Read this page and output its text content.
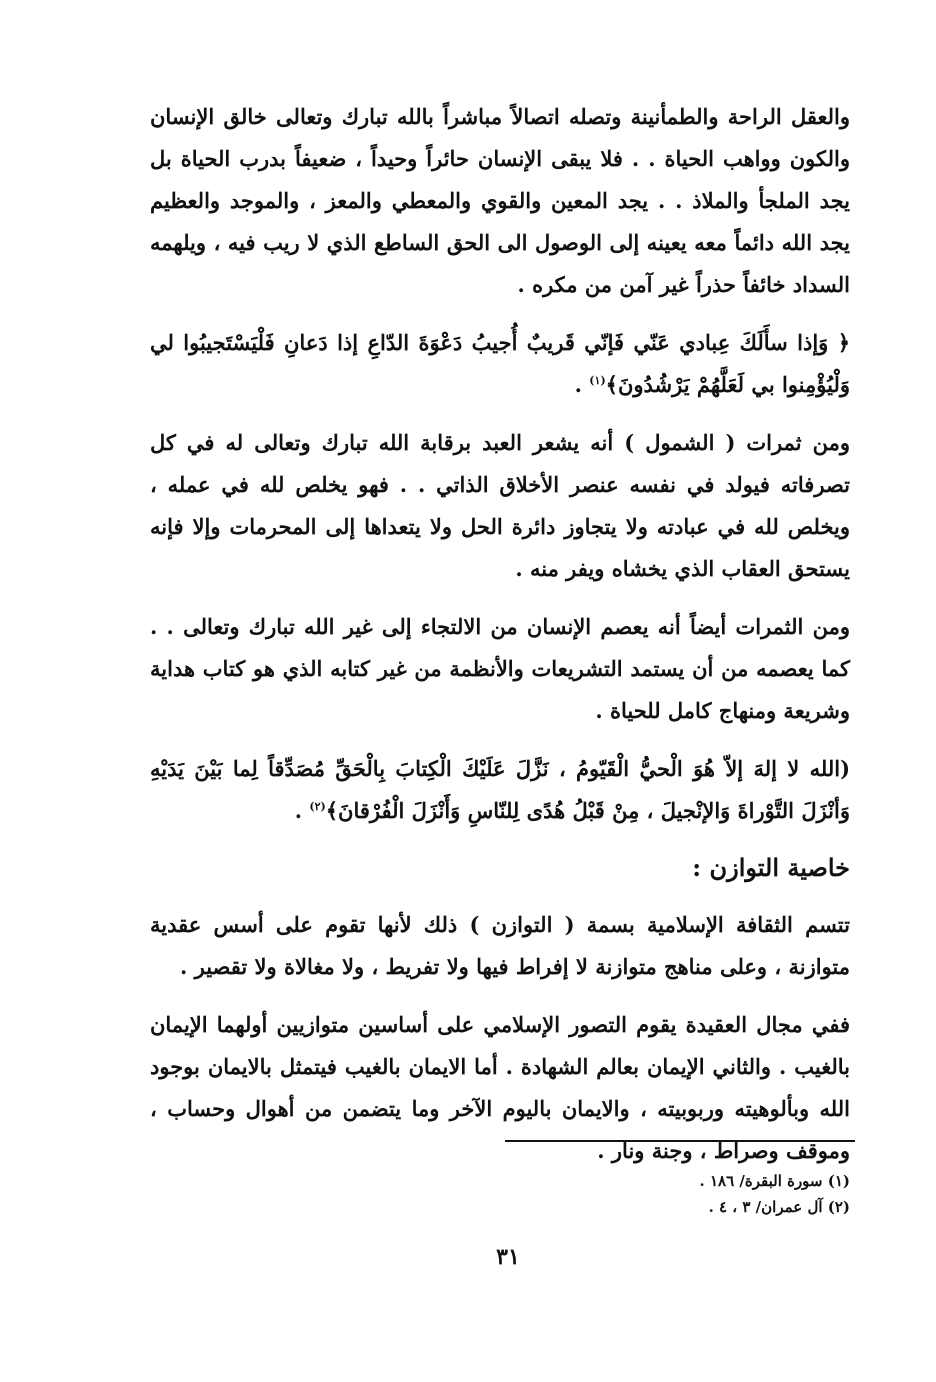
والعقل الراحة والطمأنينة وتصله اتصالاً مباشراً بالله تبارك وتعالى خالق الإنسان والكون وواهب الحياة . . فلا يبقى الإنسان حائراً وحيداً ، ضعيفاً بدرب الحياة بل يجد الملجأ والملاذ . . يجد المعين والقوي والمعطي والمعز ، والموجد والعظيم يجد الله دائماً معه يعينه إلى الوصول الى الحق الساطع الذي لا ريب فيه ، ويلهمه السداد خائفاً حذراً غير آمن من مكره .

﴿ وَإذا سأَلَكَ عِبادي عَنّي فَإنّي قَريبٌ أُجيبُ دَعْوَةَ الدّاعِ إذا دَعانِ فَلْيَسْتَجيبُوا لي وَلْيُؤْمِنوا بي لَعَلَّهُمْ يَرْشُدُونَ﴾$^{(١)}$ .

ومن ثمرات ( الشمول ) أنه يشعر العبد برقابة الله تبارك وتعالى له في كل تصرفاته فيولد في نفسه عنصر الأخلاق الذاتي . . فهو يخلص لله في عمله ، ويخلص لله في عبادته ولا يتجاوز دائرة الحل ولا يتعداها إلى المحرمات وإلا فإنه يستحق العقاب الذي يخشاه ويفر منه .

ومن الثمرات أيضاً أنه يعصم الإنسان من الالتجاء إلى غير الله تبارك وتعالى . . كما يعصمه من أن يستمد التشريعات والأنظمة من غير كتابه الذي هو كتاب هداية وشريعة ومنهاج كامل للحياة .

(الله لا إلهَ إلاّ هُوَ الْحيُّ الْقَيّومُ ، نَزَّلَ عَلَيْكَ الْكِتابَ بِالْحَقِّ مُصَدِّقاً لِما بَيْنَ يَدَيْهِ وَأنْزَلَ التَّوْراةَ وَالإنْجيلَ ، مِنْ قَبْلُ هُدًى لِلنّاسِ وَأَنْزَلَ الْفُرْقانَ﴾$^{(٢)}$ .

خاصية التوازن :

تتسم الثقافة الإسلامية بسمة ( التوازن ) ذلك لأنها تقوم على أسس عقدية متوازنة ، وعلى مناهج متوازنة لا إفراط فيها ولا تفريط ، ولا مغالاة ولا تقصير .

ففي مجال العقيدة يقوم التصور الإسلامي على أساسين متوازيين أولهما الإيمان بالغيب . والثاني الإيمان بعالم الشهادة . أما الايمان بالغيب فيتمثل بالايمان بوجود الله وبألوهيته وربوبيته ، والايمان باليوم الآخر وما يتضمن من أهوال وحساب ، وموقف وصراط ، وجنة ونار .

(١) سورة البقرة/ ١٨٦ .
(٢) آل عمران/ ٣ ، ٤ .
٣١
